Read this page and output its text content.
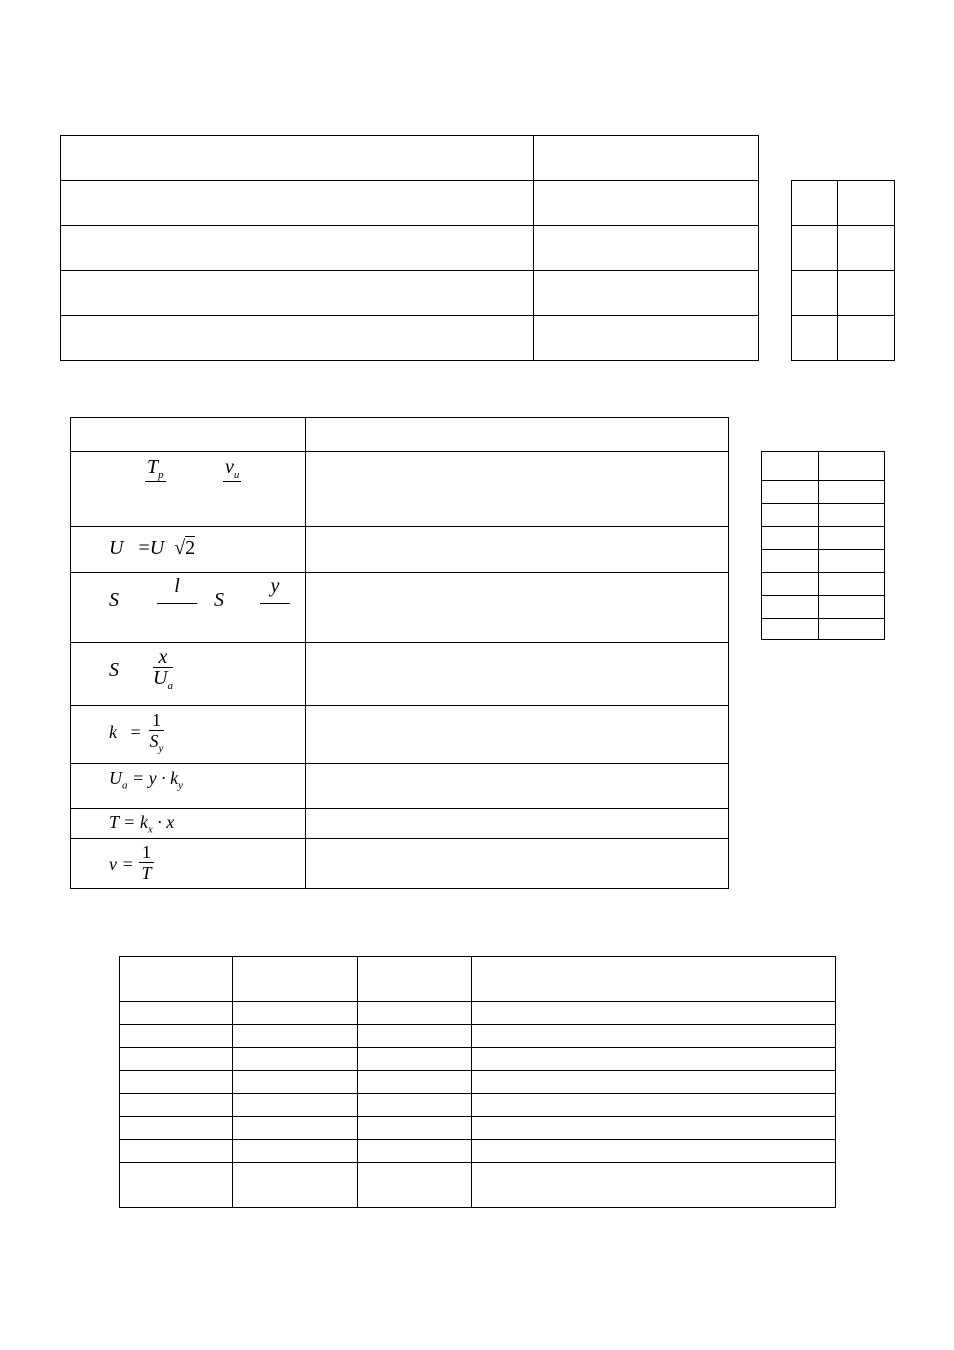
$T_p$ $\nu_u$

U =U √2	

S
l
S
y	

S $\frac{x}{U_a}$

$k = \frac{1}{S_y}$

$U_a = y \cdot k_y$

$T = k_x \cdot x$	

$\nu = \frac{1}{T}$
